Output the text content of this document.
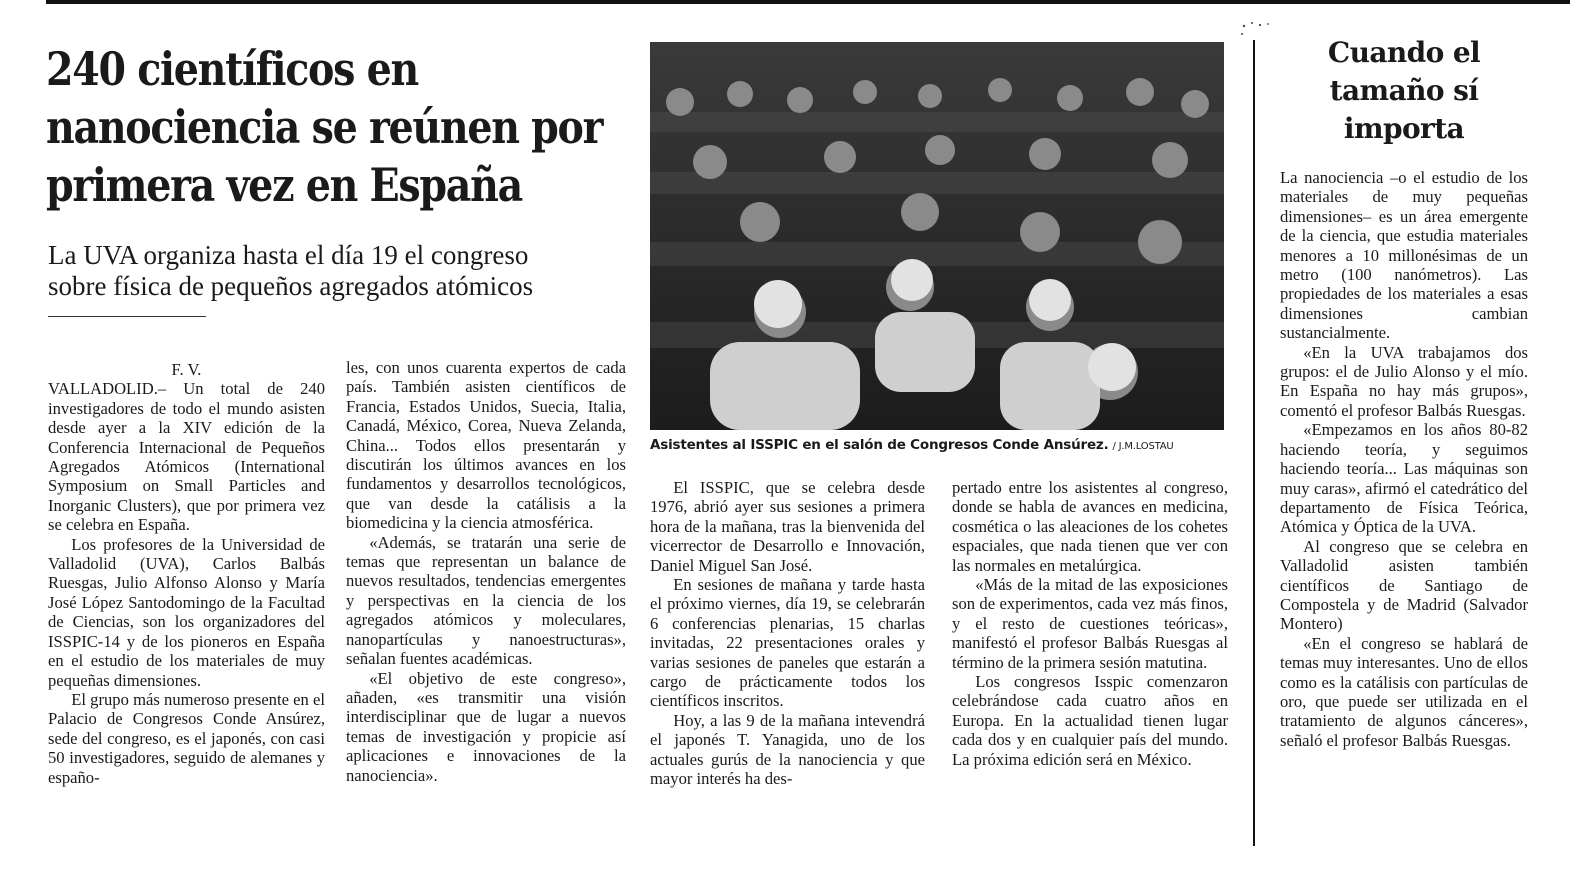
240 científicos en
nanociencia se reúnen por
primera vez en España
La UVA organiza hasta el día 19 el congreso
sobre física de pequeños agregados atómicos

F. V.

VALLADOLID.– Un total de 240 investigadores de todo el mundo asisten desde ayer a la XIV edición de la Conferencia Internacional de Pequeños Agregados Atómicos (International Symposium on Small Particles and Inorganic Clusters), que por primera vez se celebra en España.

Los profesores de la Universidad de Valladolid (UVA), Carlos Balbás Ruesgas, Julio Alfonso Alonso y María José López Santodomingo de la Facultad de Ciencias, son los organizadores del ISSPIC-14 y de los pioneros en España en el estudio de los materiales de muy pequeñas dimensiones.

El grupo más numeroso presente en el Palacio de Congresos Conde Ansúrez, sede del congreso, es el japonés, con casi 50 investigadores, seguido de alemanes y españo-

les, con unos cuarenta expertos de cada país. También asisten científicos de Francia, Estados Unidos, Suecia, Italia, Canadá, México, Corea, Nueva Zelanda, China... Todos ellos presentarán y discutirán los últimos avances en los fundamentos y desarrollos tecnológicos, que van desde la catálisis a la biomedicina y la ciencia atmosférica.

«Además, se tratarán una serie de temas que representan un balance de nuevos resultados, tendencias emergentes y perspectivas en la ciencia de los agregados atómicos y moleculares, nanopartículas y nanoestructuras», señalan fuentes académicas.

«El objetivo de este congreso», añaden, «es transmitir una visión interdisciplinar que de lugar a nuevos temas de investigación y propicie así aplicaciones e innovaciones de la nanociencia».

Asistentes al ISSPIC en el salón de Congresos Conde Ansúrez. / J.M.LOSTAU

El ISSPIC, que se celebra desde 1976, abrió ayer sus sesiones a primera hora de la mañana, tras la bienvenida del vicerrector de Desarrollo e Innovación, Daniel Miguel San José.

En sesiones de mañana y tarde hasta el próximo viernes, día 19, se celebrarán 6 conferencias plenarias, 15 charlas invitadas, 22 presentaciones orales y varias sesiones de paneles que estarán a cargo de prácticamente todos los científicos inscritos.

Hoy, a las 9 de la mañana intevendrá el japonés T. Yanagida, uno de los actuales gurús de la nanociencia y que mayor interés ha des-

pertado entre los asistentes al congreso, donde se habla de avances en medicina, cosmética o las aleaciones de los cohetes espaciales, que nada tienen que ver con las normales en metalúrgica.

«Más de la mitad de las exposiciones son de experimentos, cada vez más finos, y el resto de cuestiones teóricas», manifestó el profesor Balbás Ruesgas al término de la primera sesión matutina.

Los congresos Isspic comenzaron celebrándose cada cuatro años en Europa. En la actualidad tienen lugar cada dos y en cualquier país del mundo. La próxima edición será en México.

Cuando el
tamaño sí
importa

La nanociencia –o el estudio de los materiales de muy pequeñas dimensiones– es un área emergente de la ciencia, que estudia materiales menores a 10 millonésimas de un metro (100 nanómetros). Las propiedades de los materiales a esas dimensiones cambian sustancialmente.

«En la UVA trabajamos dos grupos: el de Julio Alonso y el mío. En España no hay más grupos», comentó el profesor Balbás Ruesgas.

«Empezamos en los años 80-82 haciendo teoría, y seguimos haciendo teoría... Las máquinas son muy caras», afirmó el catedrático del departamento de Física Teórica, Atómica y Óptica de la UVA.

Al congreso que se celebra en Valladolid asisten también científicos de Santiago de Compostela y de Madrid (Salvador Montero)

«En el congreso se hablará de temas muy interesantes. Uno de ellos como es la catálisis con partículas de oro, que puede ser utilizada en el tratamiento de algunos cánceres», señaló el profesor Balbás Ruesgas.
